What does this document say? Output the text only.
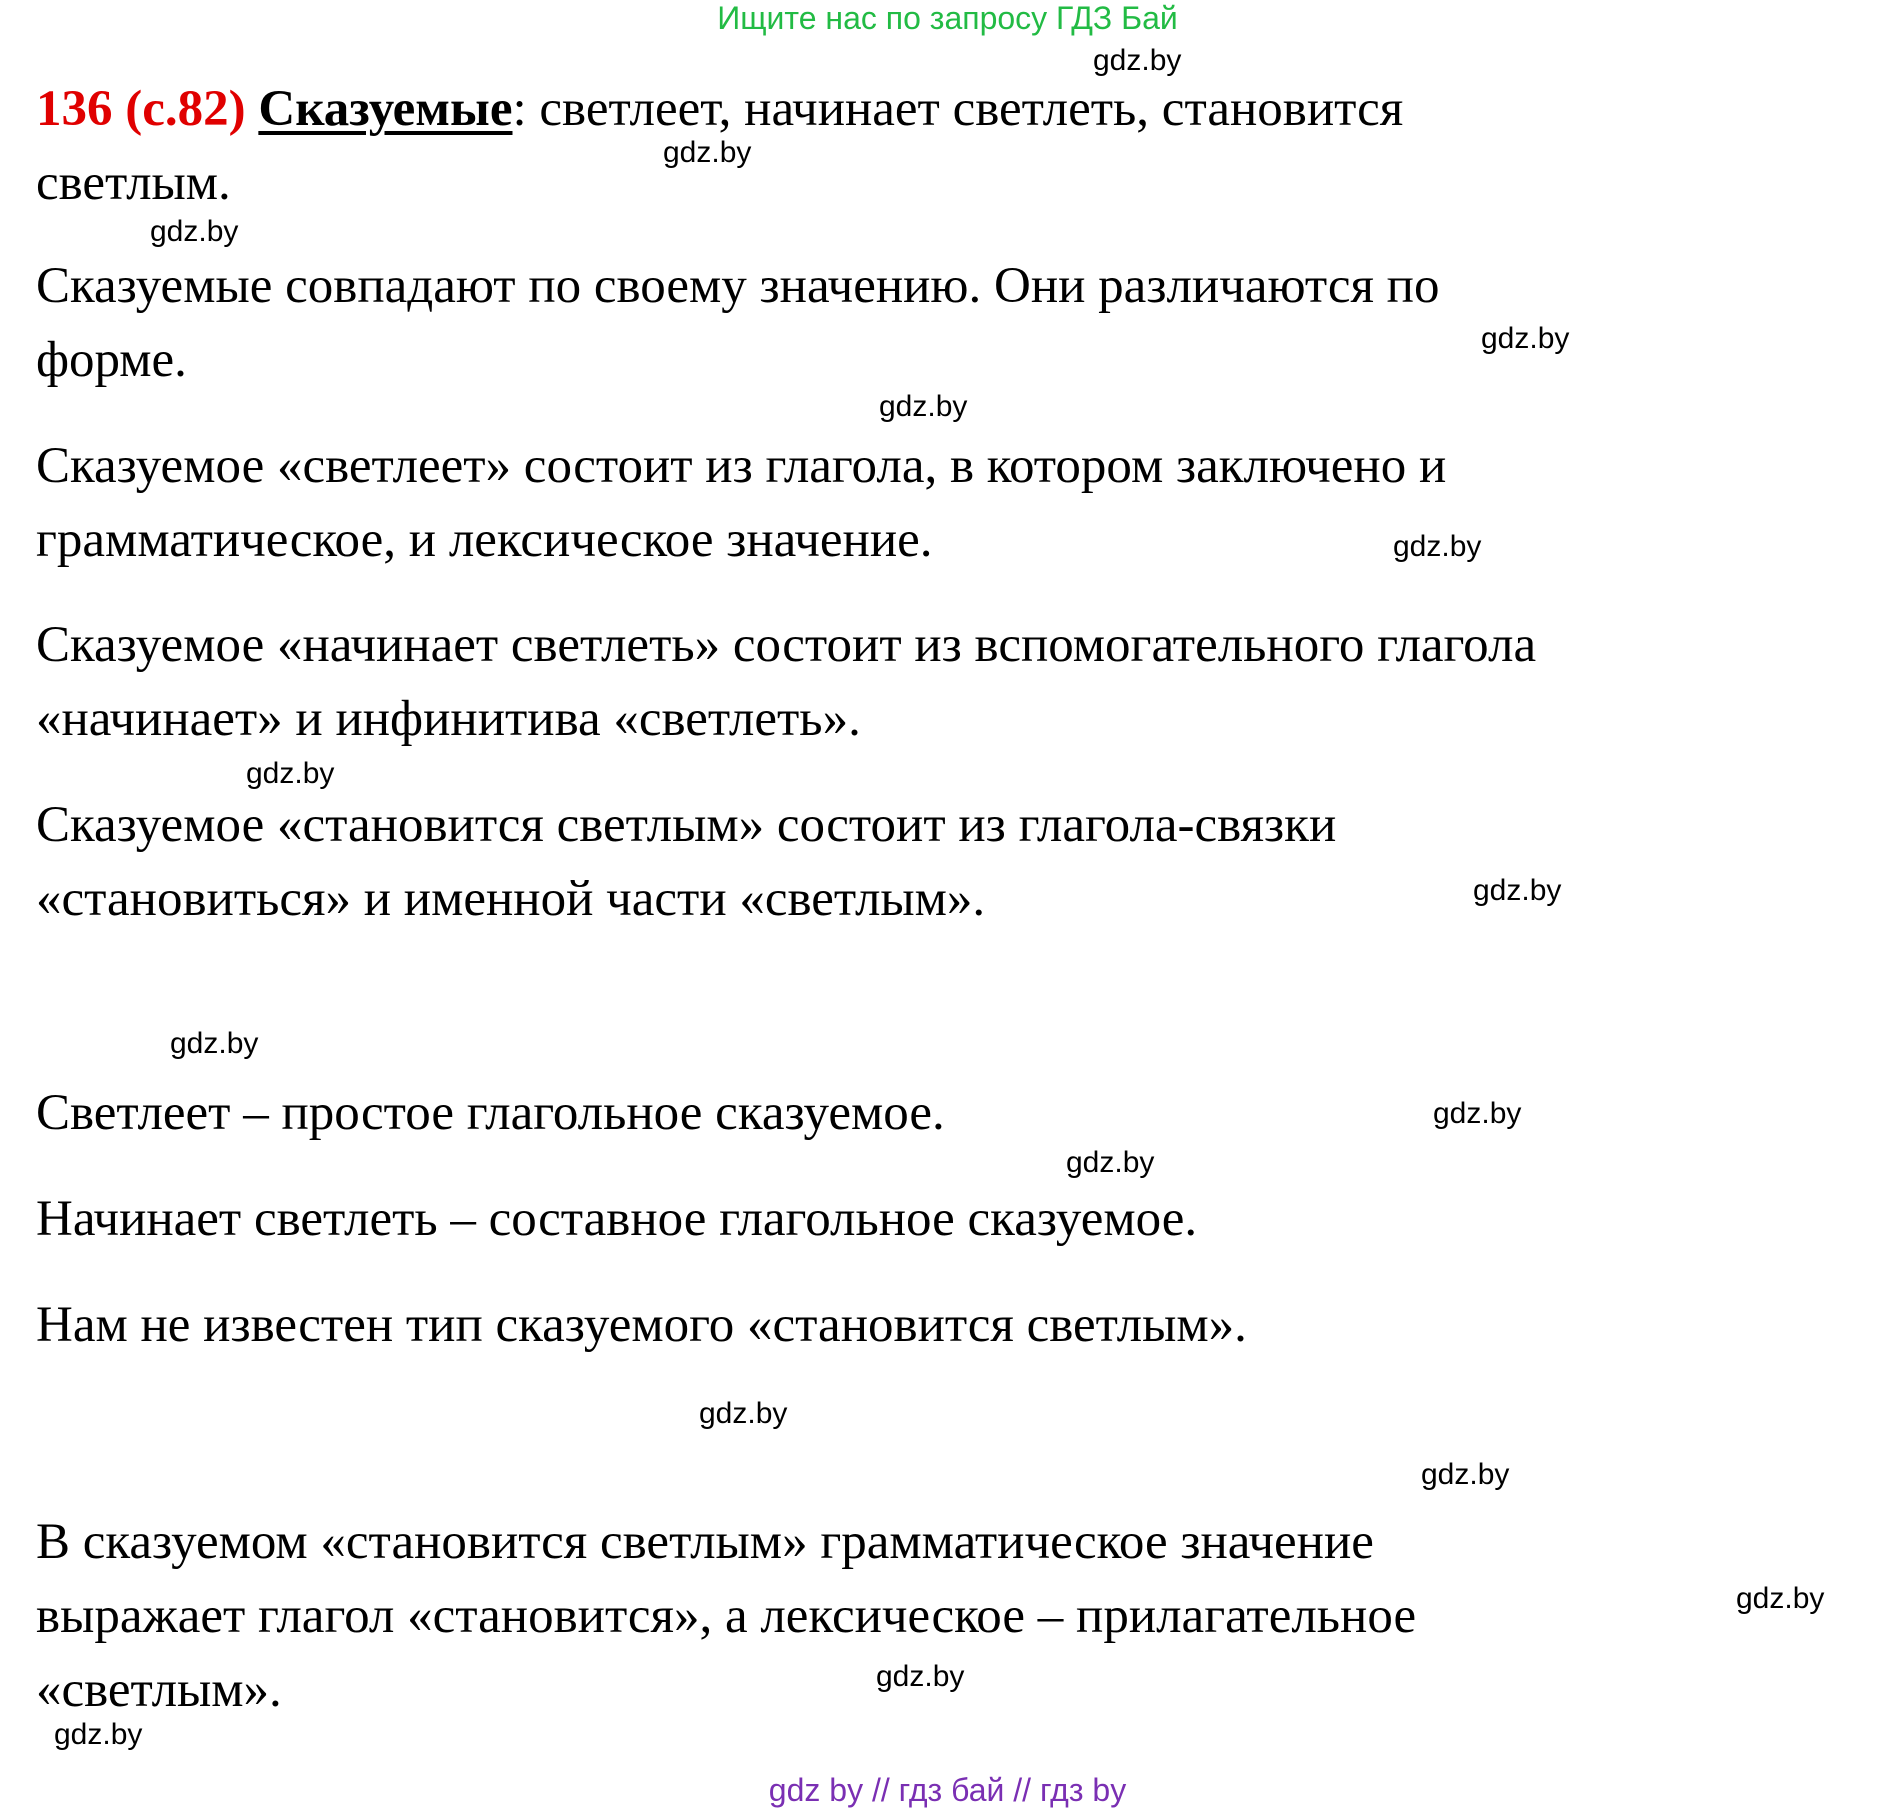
Ищите нас по запросу ГДЗ Бай
gdz.by
gdz.by
gdz.by
gdz.by
gdz.by
gdz.by
gdz.by
gdz.by
gdz.by
gdz.by
gdz.by
gdz.by
gdz.by
gdz.by
gdz.by
gdz.by
136 (с.82) Сказуемые: светлеет, начинает светлеть, становится
светлым.
Сказуемые совпадают по своему значению. Они различаются по
форме.
Сказуемое «светлеет» состоит из глагола, в котором заключено и
грамматическое, и лексическое значение.
Сказуемое «начинает светлеть» состоит из вспомогательного глагола
«начинает» и инфинитива «светлеть».
Сказуемое «становится светлым» состоит из глагола-связки
«становиться» и именной части «светлым».
Светлеет – простое глагольное сказуемое.
Начинает светлеть – составное глагольное сказуемое.
Нам не известен тип сказуемого «становится светлым».
В сказуемом «становится светлым» грамматическое значение
выражает глагол «становится», а лексическое – прилагательное
«светлым».
gdz by // гдз бай // гдз by
